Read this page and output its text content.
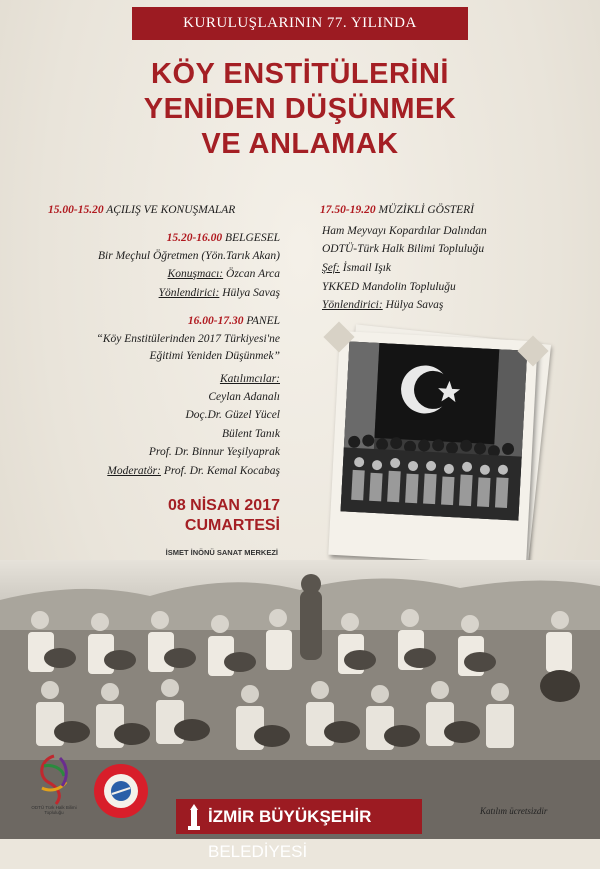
KURULUŞLARININ 77. YILINDA
KÖY ENSTİTÜLERİNİ
YENİDEN DÜŞÜNMEK
VE ANLAMAK
15.00-15.20 AÇILIŞ VE KONUŞMALAR
15.20-16.00 BELGESEL
Bir Meçhul Öğretmen (Yön.Tarık Akan)
Konuşmacı: Özcan Arca
Yönlendirici: Hülya Savaş
16.00-17.30 PANEL
“Köy Enstitülerinden 2017 Türkiyesi'ne
Eğitimi Yeniden Düşünmek”
Katılımcılar:
Ceylan Adanalı
Doç.Dr. Güzel Yücel
Bülent Tanık
Prof. Dr. Binnur Yeşilyaprak
Moderatör: Prof. Dr. Kemal Kocabaş
17.50-19.20 MÜZİKLİ GÖSTERİ
Ham Meyvayı Kopardılar Dalından
ODTÜ-Türk Halk Bilimi Topluluğu
Şef: İsmail Işık
YKKED Mandolin Topluluğu
Yönlendirici: Hülya Savaş
08 NİSAN 2017
CUMARTESİ
İSMET İNÖNÜ SANAT MERKEZİ
ODTÜ Türk Halk Bilimi Topluluğu	İZMİR BÜYÜKŞEHİR BELEDİYESİ
Katılım ücretsizdir
